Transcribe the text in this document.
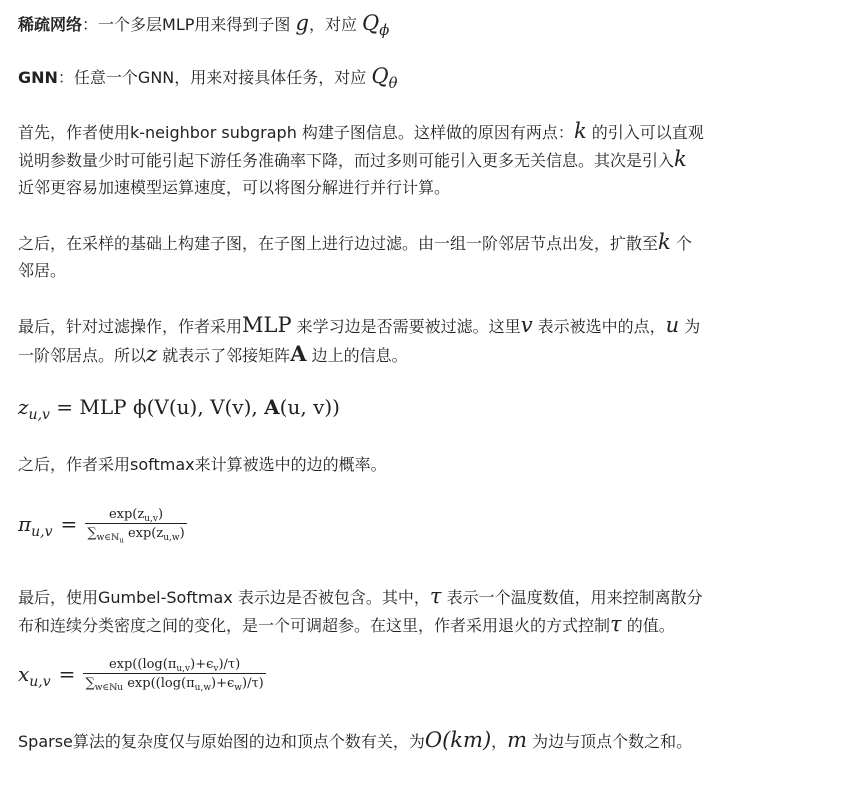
稀疏网络：一个多层MLP用来得到子图 g，对应 $Q_\phi$

GNN：任意一个GNN，用来对接具体任务，对应 $Q_\theta$

首先，作者使用k-neighbor subgraph 构建子图信息。这样做的原因有两点：k 的引入可以直观
说明参数量少时可能引起下游任务准确率下降，而过多则可能引入更多无关信息。其次是引入k
近邻更容易加速模型运算速度，可以将图分解进行并行计算。

之后，在采样的基础上构建子图，在子图上进行边过滤。由一组一阶邻居节点出发，扩散至k 个
邻居。

最后，针对过滤操作，作者采用MLP 来学习边是否需要被过滤。这里v 表示被选中的点，u 为
一阶邻居点。所以z 就表示了邻接矩阵A 边上的信息。

$z_{u,v}$ = MLP ϕ(V(u), V(v), A(u, v))

之后，作者采用softmax来计算被选中的边的概率。

$\pi_{u,v} = \frac{\exp(z_{u,v})}{\sum_{w\in ℕ_u} \exp(z_{u,w})}$

最后，使用Gumbel-Softmax 表示边是否被包含。其中，τ 表示一个温度数值，用来控制离散分
布和连续分类密度之间的变化，是一个可调超参。在这里，作者采用退火的方式控制τ 的值。

$x_{u,v} = \frac{\exp((\log(\pi_{u,v})+\epsilon_v)/\tau)}{\sum_{w\in ℕu} \exp((\log(\pi_{u,w})+\epsilon_w)/\tau)}$

Sparse算法的复杂度仅与原始图的边和顶点个数有关，为O(km)，m 为边与顶点个数之和。
